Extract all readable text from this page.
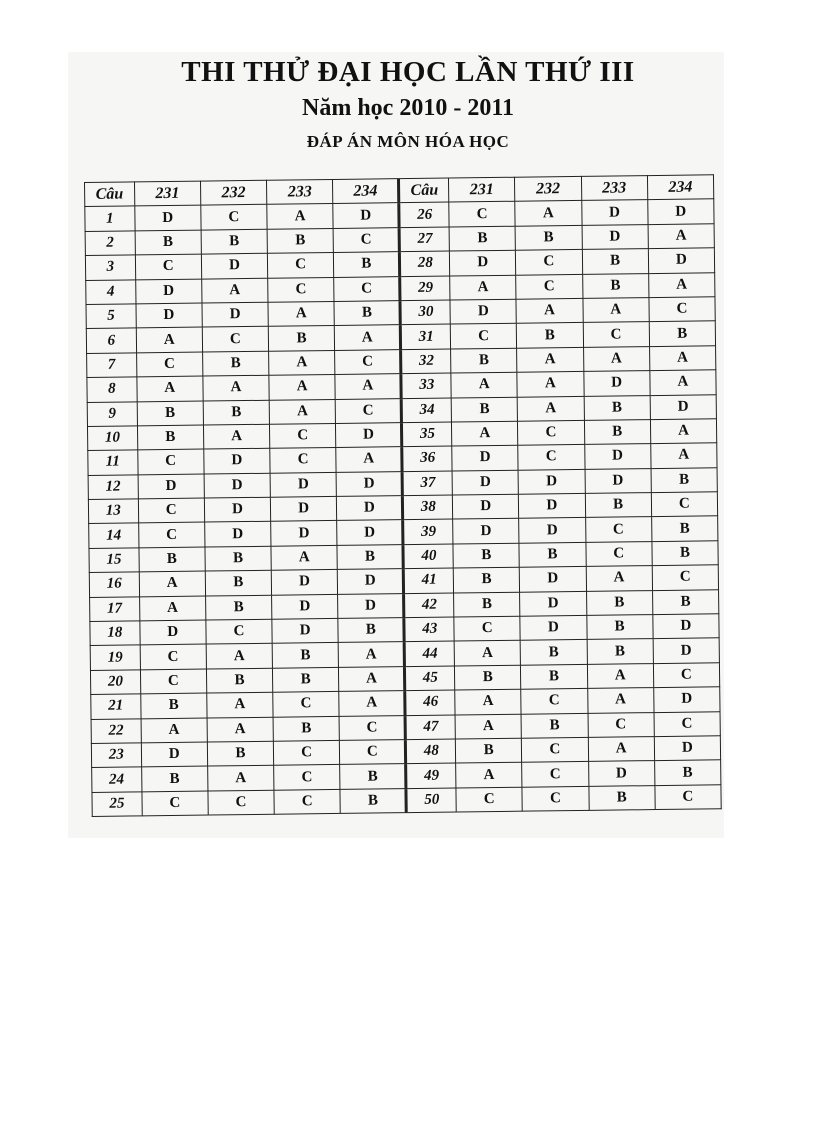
THI THỬ ĐẠI HỌC LẦN THỨ III
Năm học 2010 - 2011
ĐÁP ÁN MÔN HÓA HỌC
Câu	231	232	233	234	Câu	231	232	233	234
1	D	C	A	D	26	C	A	D	D
2	B	B	B	C	27	B	B	D	A
3	C	D	C	B	28	D	C	B	D
4	D	A	C	C	29	A	C	B	A
5	D	D	A	B	30	D	A	A	C
6	A	C	B	A	31	C	B	C	B
7	C	B	A	C	32	B	A	A	A
8	A	A	A	A	33	A	A	D	A
9	B	B	A	C	34	B	A	B	D
10	B	A	C	D	35	A	C	B	A
11	C	D	C	A	36	D	C	D	A
12	D	D	D	D	37	D	D	D	B
13	C	D	D	D	38	D	D	B	C
14	C	D	D	D	39	D	D	C	B
15	B	B	A	B	40	B	B	C	B
16	A	B	D	D	41	B	D	A	C
17	A	B	D	D	42	B	D	B	B
18	D	C	D	B	43	C	D	B	D
19	C	A	B	A	44	A	B	B	D
20	C	B	B	A	45	B	B	A	C
21	B	A	C	A	46	A	C	A	D
22	A	A	B	C	47	A	B	C	C
23	D	B	C	C	48	B	C	A	D
24	B	A	C	B	49	A	C	D	B
25	C	C	C	B	50	C	C	B	C
